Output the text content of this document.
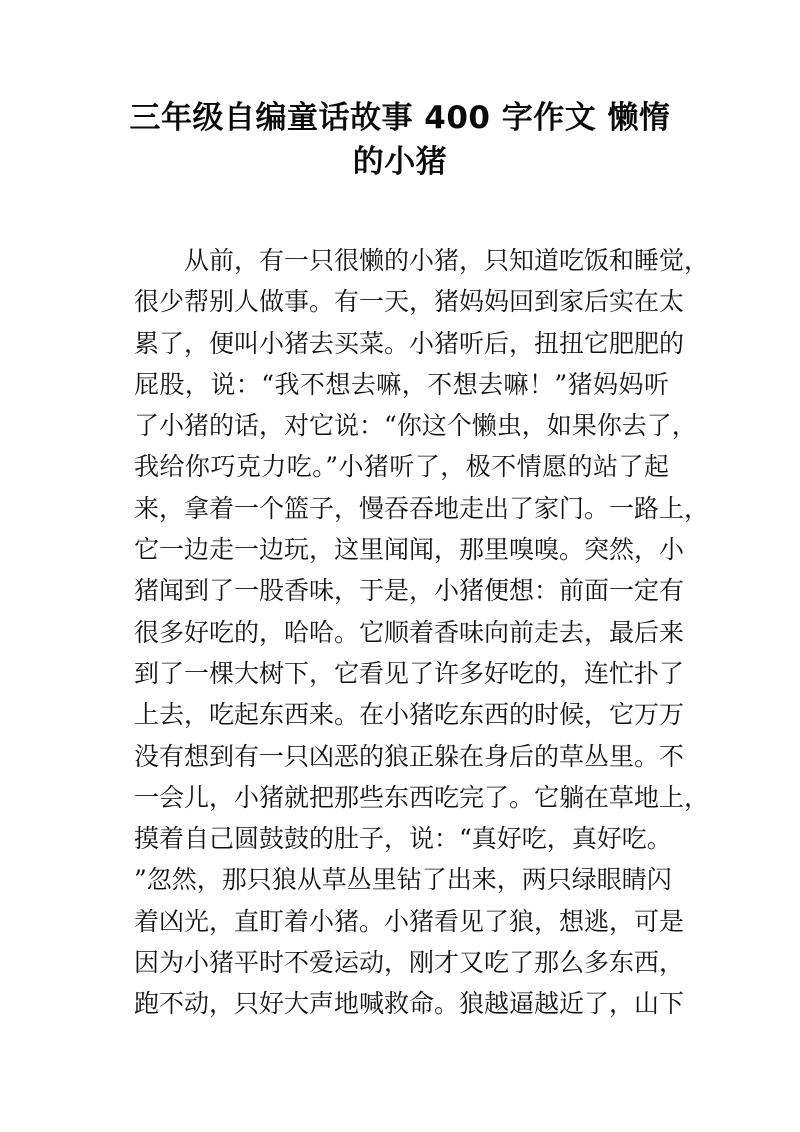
三年级自编童话故事 400 字作文 懒惰
的小猪
从前，有一只很懒的小猪，只知道吃饭和睡觉，
很少帮别人做事。有一天，猪妈妈回到家后实在太
累了，便叫小猪去买菜。小猪听后，扭扭它肥肥的
屁股，说：“我不想去嘛，不想去嘛！”猪妈妈听
了小猪的话，对它说：“你这个懒虫，如果你去了，
我给你巧克力吃。”小猪听了，极不情愿的站了起
来，拿着一个篮子，慢吞吞地走出了家门。一路上，
它一边走一边玩，这里闻闻，那里嗅嗅。突然，小
猪闻到了一股香味，于是，小猪便想：前面一定有
很多好吃的，哈哈。它顺着香味向前走去，最后来
到了一棵大树下，它看见了许多好吃的，连忙扑了
上去，吃起东西来。在小猪吃东西的时候，它万万
没有想到有一只凶恶的狼正躲在身后的草丛里。不
一会儿，小猪就把那些东西吃完了。它躺在草地上，
摸着自己圆鼓鼓的肚子，说：“真好吃，真好吃。
”忽然，那只狼从草丛里钻了出来，两只绿眼睛闪
着凶光，直盯着小猪。小猪看见了狼，想逃，可是
因为小猪平时不爱运动，刚才又吃了那么多东西，
跑不动，只好大声地喊救命。狼越逼越近了，山下
